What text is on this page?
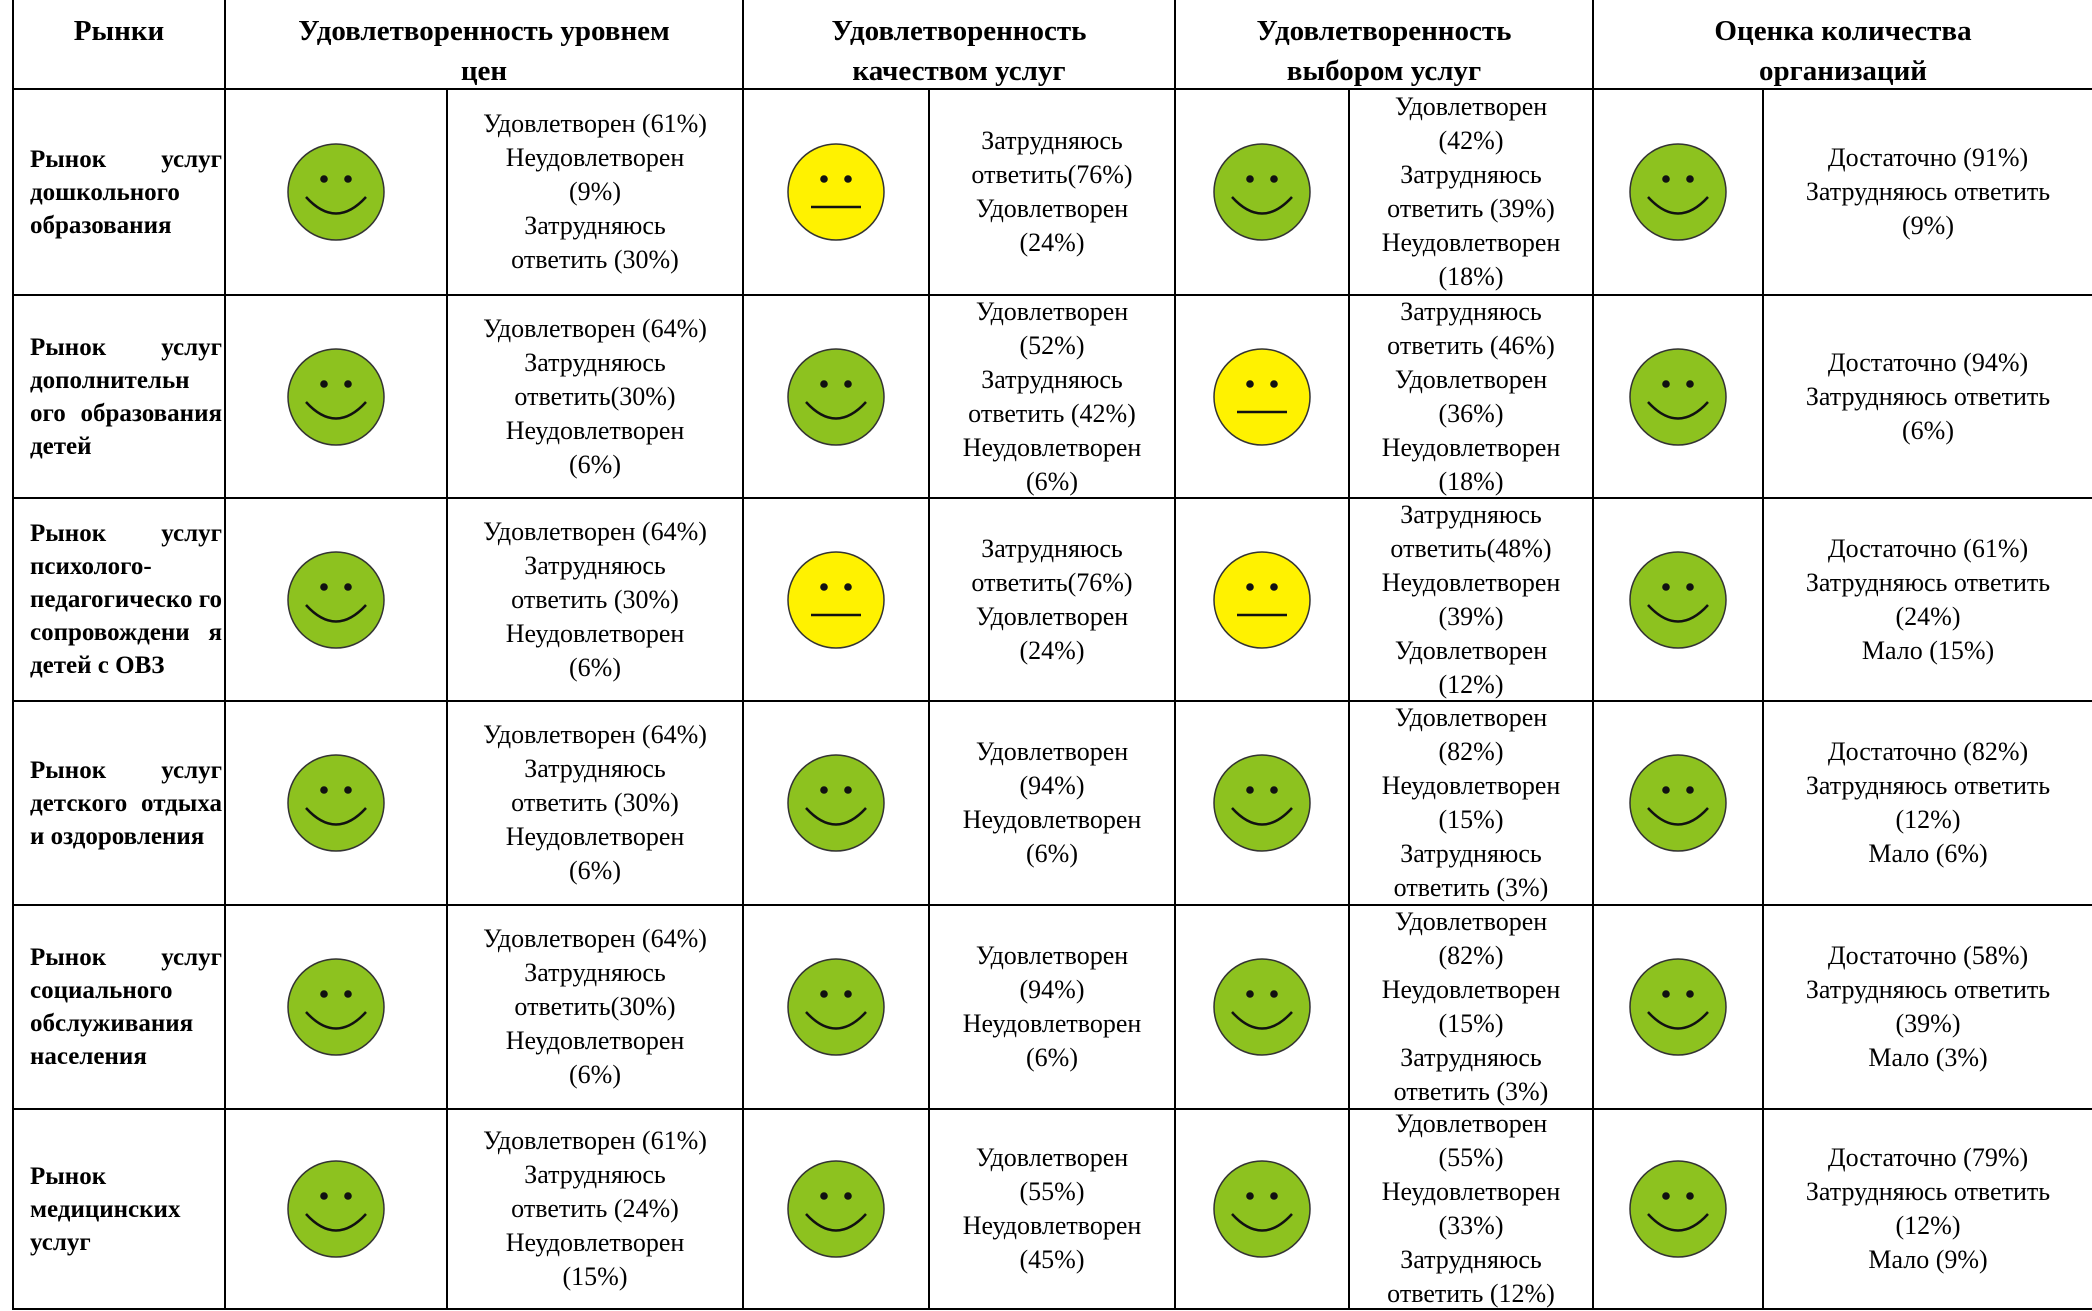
Рынки	Удовлетворенность уровнем
цен
Удовлетворенность
качеством услуг
Удовлетворенность
выбором услуг
Оценка количества
организаций
Рынок услуг дошкольного образования
Удовлетворен (61%)
Неудовлетворен
(9%)
Затрудняюсь
ответить (30%)
Затрудняюсь
ответить(76%)
Удовлетворен
(24%)
Удовлетворен
(42%)
Затрудняюсь
ответить (39%)
Неудовлетворен
(18%)
Достаточно (91%)
Затрудняюсь ответить
(9%)
Рынок услуг дополнительн ого образования детей
Удовлетворен (64%)
Затрудняюсь
ответить(30%)
Неудовлетворен
(6%)
Удовлетворен
(52%)
Затрудняюсь
ответить (42%)
Неудовлетворен
(6%)
Затрудняюсь
ответить (46%)
Удовлетворен
(36%)
Неудовлетворен
(18%)
Достаточно (94%)
Затрудняюсь ответить
(6%)
Рынок услуг психолого-педагогическо го сопровождени я детей с ОВЗ
Удовлетворен (64%)
Затрудняюсь
ответить (30%)
Неудовлетворен
(6%)
Затрудняюсь
ответить(76%)
Удовлетворен
(24%)
Затрудняюсь
ответить(48%)
Неудовлетворен
(39%)
Удовлетворен
(12%)
Достаточно (61%)
Затрудняюсь ответить
(24%)
Мало (15%)
Рынок услуг детского отдыха и оздоровления
Удовлетворен (64%)
Затрудняюсь
ответить (30%)
Неудовлетворен
(6%)
Удовлетворен
(94%)
Неудовлетворен
(6%)
Удовлетворен
(82%)
Неудовлетворен
(15%)
Затрудняюсь
ответить (3%)
Достаточно (82%)
Затрудняюсь ответить
(12%)
Мало (6%)
Рынок услуг социального обслуживания населения
Удовлетворен (64%)
Затрудняюсь
ответить(30%)
Неудовлетворен
(6%)
Удовлетворен
(94%)
Неудовлетворен
(6%)
Удовлетворен
(82%)
Неудовлетворен
(15%)
Затрудняюсь
ответить (3%)
Достаточно (58%)
Затрудняюсь ответить
(39%)
Мало (3%)
Рынок медицинских услуг
Удовлетворен (61%)
Затрудняюсь
ответить (24%)
Неудовлетворен
(15%)
Удовлетворен
(55%)
Неудовлетворен
(45%)
Удовлетворен
(55%)
Неудовлетворен
(33%)
Затрудняюсь
ответить (12%)
Достаточно (79%)
Затрудняюсь ответить
(12%)
Мало (9%)
